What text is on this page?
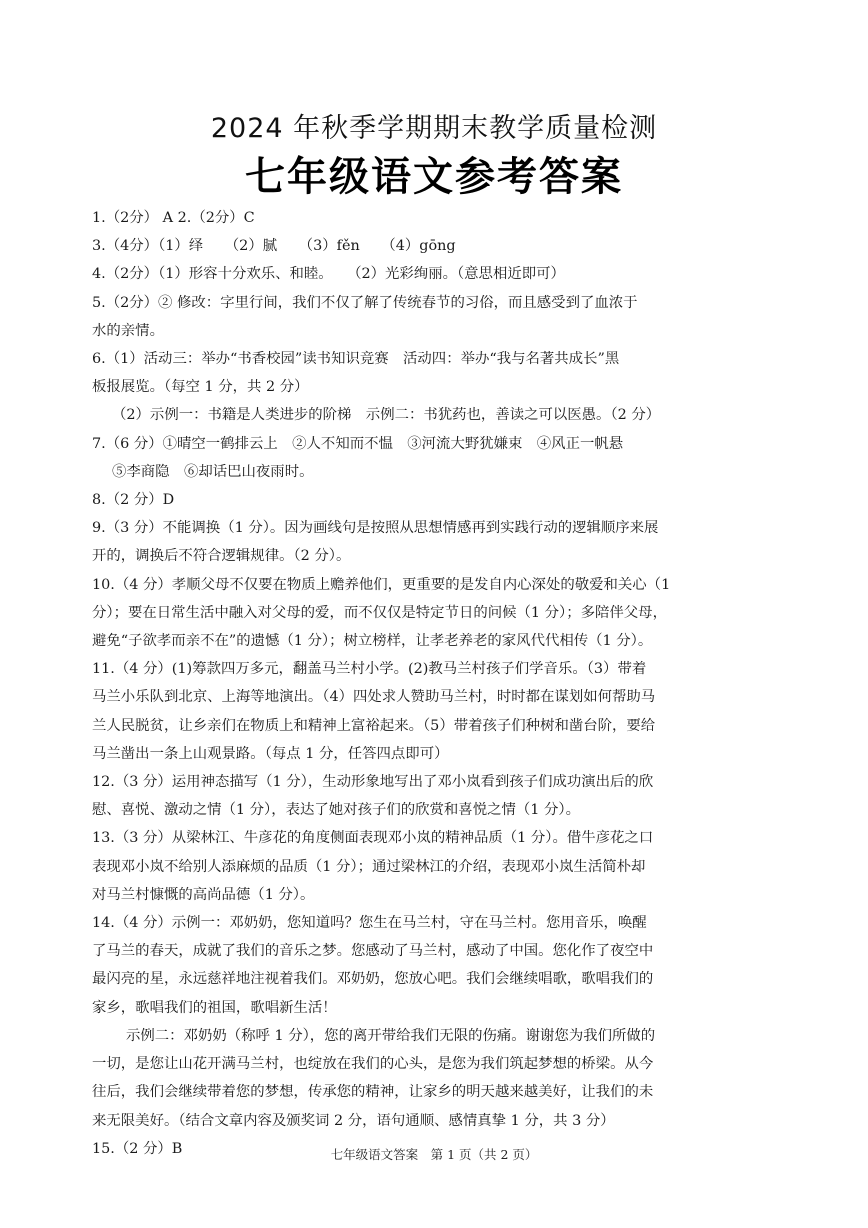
2024 年秋季学期期末教学质量检测
七年级语文参考答案

1.（2分） A 2.（2分）C

3.（4分）（1）绎　　（2）腻　　（3）fěn　　（4）gōng

4.（2分）（1）形容十分欢乐、和睦。　　（2）光彩绚丽。（意思相近即可）

5.（2分）② 修改：字里行间，我们不仅了解了传统春节的习俗，而且感受到了血浓于

水的亲情。

6.（1）活动三：举办“书香校园”读书知识竞赛　活动四：举办“我与名著共成长”黑

板报展览。（每空 1 分，共 2 分）

（2）示例一：书籍是人类进步的阶梯　示例二：书犹药也，善读之可以医愚。（2 分）

7.（6 分）①晴空一鹤排云上　②人不知而不愠　③河流大野犹嫌束　④风正一帆悬

⑤李商隐　⑥却话巴山夜雨时。

8.（2 分）D

9.（3 分）不能调换（1 分）。因为画线句是按照从思想情感再到实践行动的逻辑顺序来展

开的，调换后不符合逻辑规律。（2 分）。

10.（4 分）孝顺父母不仅要在物质上赡养他们，更重要的是发自内心深处的敬爱和关心（1

分）；要在日常生活中融入对父母的爱，而不仅仅是特定节日的问候（1 分）；多陪伴父母，

避免“子欲孝而亲不在”的遗憾（1 分）；树立榜样，让孝老养老的家风代代相传（1 分）。

11.（4 分）(1)筹款四万多元，翻盖马兰村小学。(2)教马兰村孩子们学音乐。（3）带着

马兰小乐队到北京、上海等地演出。（4）四处求人赞助马兰村，时时都在谋划如何帮助马

兰人民脱贫，让乡亲们在物质上和精神上富裕起来。（5）带着孩子们种树和凿台阶，要给

马兰凿出一条上山观景路。（每点 1 分，任答四点即可）

12.（3 分）运用神态描写（1 分），生动形象地写出了邓小岚看到孩子们成功演出后的欣

慰、喜悦、激动之情（1 分），表达了她对孩子们的欣赏和喜悦之情（1 分）。

13.（3 分）从梁林江、牛彦花的角度侧面表现邓小岚的精神品质（1 分）。借牛彦花之口

表现邓小岚不给别人添麻烦的品质（1 分）；通过梁林江的介绍，表现邓小岚生活简朴却

对马兰村慷慨的高尚品德（1 分）。

14.（4 分）示例一：邓奶奶，您知道吗？您生在马兰村，守在马兰村。您用音乐，唤醒

了马兰的春天，成就了我们的音乐之梦。您感动了马兰村，感动了中国。您化作了夜空中

最闪亮的星，永远慈祥地注视着我们。邓奶奶，您放心吧。我们会继续唱歌，歌唱我们的

家乡，歌唱我们的祖国，歌唱新生活！

示例二：邓奶奶（称呼 1 分），您的离开带给我们无限的伤痛。谢谢您为我们所做的

一切，是您让山花开满马兰村，也绽放在我们的心头，是您为我们筑起梦想的桥梁。从今

往后，我们会继续带着您的梦想，传承您的精神，让家乡的明天越来越美好，让我们的未

来无限美好。（结合文章内容及颁奖词 2 分，语句通顺、感情真挚 1 分，共 3 分）

15.（2 分）B	七年级语文答案　第 1 页（共 2 页）
